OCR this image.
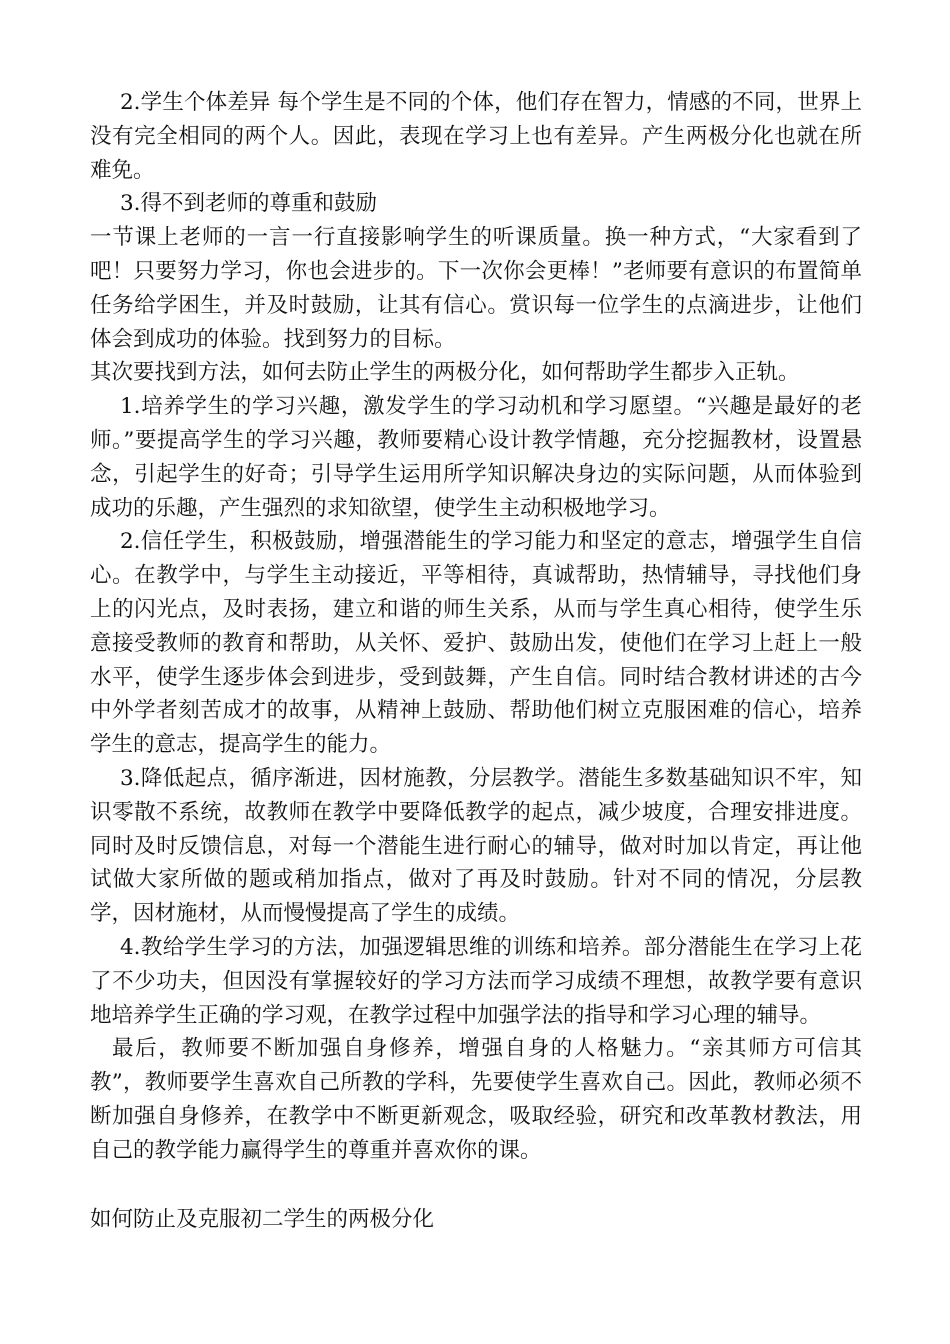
2.学生个体差异 每个学生是不同的个体，他们存在智力，情感的不同，世界上没有完全相同的两个人。因此，表现在学习上也有差异。产生两极分化也就在所难免。

3.得不到老师的尊重和鼓励

一节课上老师的一言一行直接影响学生的听课质量。换一种方式，“大家看到了吧！只要努力学习，你也会进步的。下一次你会更棒！”老师要有意识的布置简单任务给学困生，并及时鼓励，让其有信心。赏识每一位学生的点滴进步，让他们体会到成功的体验。找到努力的目标。

其次要找到方法，如何去防止学生的两极分化，如何帮助学生都步入正轨。

1.培养学生的学习兴趣，激发学生的学习动机和学习愿望。“兴趣是最好的老师。”要提高学生的学习兴趣，教师要精心设计教学情趣，充分挖掘教材，设置悬念，引起学生的好奇；引导学生运用所学知识解决身边的实际问题，从而体验到成功的乐趣，产生强烈的求知欲望，使学生主动积极地学习。

2.信任学生，积极鼓励，增强潜能生的学习能力和坚定的意志，增强学生自信心。在教学中，与学生主动接近，平等相待，真诚帮助，热情辅导，寻找他们身上的闪光点，及时表扬，建立和谐的师生关系，从而与学生真心相待，使学生乐意接受教师的教育和帮助，从关怀、爱护、鼓励出发，使他们在学习上赶上一般水平，使学生逐步体会到进步，受到鼓舞，产生自信。同时结合教材讲述的古今中外学者刻苦成才的故事，从精神上鼓励、帮助他们树立克服困难的信心，培养学生的意志，提高学生的能力。

3.降低起点，循序渐进，因材施教，分层教学。潜能生多数基础知识不牢，知识零散不系统，故教师在教学中要降低教学的起点，减少坡度，合理安排进度。同时及时反馈信息，对每一个潜能生进行耐心的辅导，做对时加以肯定，再让他试做大家所做的题或稍加指点，做对了再及时鼓励。针对不同的情况，分层教学，因材施材，从而慢慢提高了学生的成绩。

4.教给学生学习的方法，加强逻辑思维的训练和培养。部分潜能生在学习上花了不少功夫，但因没有掌握较好的学习方法而学习成绩不理想，故教学要有意识地培养学生正确的学习观，在教学过程中加强学法的指导和学习心理的辅导。

最后，教师要不断加强自身修养，增强自身的人格魅力。“亲其师方可信其教”，教师要学生喜欢自己所教的学科，先要使学生喜欢自己。因此，教师必须不断加强自身修养，在教学中不断更新观念，吸取经验，研究和改革教材教法，用自己的教学能力赢得学生的尊重并喜欢你的课。

如何防止及克服初二学生的两极分化
